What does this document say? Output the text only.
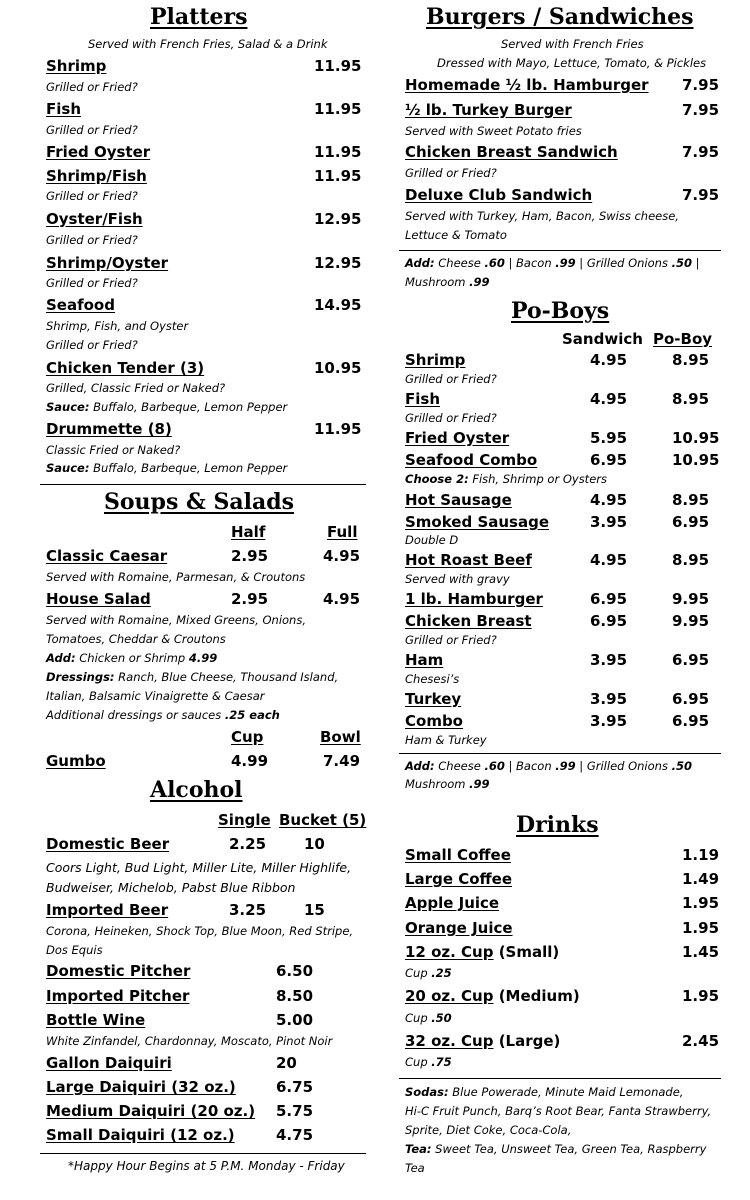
Platters
Served with French Fries, Salad & a Drink
Shrimp	11.95
Grilled or Fried?
Fish	11.95
Grilled or Fried?
Fried Oyster	11.95
Shrimp/Fish	11.95
Grilled or Fried?
Oyster/Fish	12.95
Grilled or Fried?
Shrimp/Oyster	12.95
Grilled or Fried?
Seafood	14.95
Shrimp, Fish, and Oyster
Grilled or Fried?
Chicken Tender (3)	10.95
Grilled, Classic Fried or Naked?
Sauce: Buffalo, Barbeque, Lemon Pepper
Drummette (8)	11.95
Classic Fried or Naked?
Sauce: Buffalo, Barbeque, Lemon Pepper
Soups & Salads
Half	Full
Classic Caesar	2.95	4.95
Served with Romaine, Parmesan, & Croutons
House Salad	2.95	4.95
Served with Romaine, Mixed Greens, Onions,
Tomatoes, Cheddar & Croutons
Add: Chicken or Shrimp 4.99
Dressings: Ranch, Blue Cheese, Thousand Island,
Italian, Balsamic Vinaigrette & Caesar
Additional dressings or sauces .25 each
Cup	Bowl
Gumbo	4.99	7.49
Alcohol
Single Bucket (5)
Domestic Beer	2.25	10
Coors Light, Bud Light, Miller Lite, Miller Highlife,
Budweiser, Michelob, Pabst Blue Ribbon
Imported Beer	3.25	15
Corona, Heineken, Shock Top, Blue Moon, Red Stripe,
Dos Equis
Domestic Pitcher	6.50
Imported Pitcher	8.50
Bottle Wine	5.00
White Zinfandel, Chardonnay, Moscato, Pinot Noir
Gallon Daiquiri	20
Large Daiquiri (32 oz.)	6.75
Medium Daiquiri (20 oz.) 5.75
Small Daiquiri (12 oz.)	4.75
*Happy Hour Begins at 5 P.M. Monday - Friday
Burgers / Sandwiches
Served with French Fries
Dressed with Mayo, Lettuce, Tomato, & Pickles
Homemade ½ lb. Hamburger 7.95
½ lb. Turkey Burger	7.95
Served with Sweet Potato fries
Chicken Breast Sandwich	7.95
Grilled or Fried?
Deluxe Club Sandwich	7.95
Served with Turkey, Ham, Bacon, Swiss cheese,
Lettuce & Tomato
Add: Cheese .60 | Bacon .99 | Grilled Onions .50 |
Mushroom .99
Po-Boys
Sandwich Po-Boy
Shrimp	4.95	8.95
Grilled or Fried?
Fish	4.95	8.95
Grilled or Fried?
Fried Oyster	5.95	10.95
Seafood Combo	6.95	10.95
Choose 2: Fish, Shrimp or Oysters
Hot Sausage	4.95	8.95
Smoked Sausage	3.95	6.95
Double D
Hot Roast Beef	4.95	8.95
Served with gravy
1 lb. Hamburger	6.95	9.95
Chicken Breast	6.95	9.95
Grilled or Fried?
Ham	3.95	6.95
Chesesi’s
Turkey	3.95	6.95
Combo	3.95	6.95
Ham & Turkey
Add: Cheese .60 | Bacon .99 | Grilled Onions .50
Mushroom .99
Drinks
Small Coffee	1.19
Large Coffee	1.49
Apple Juice	1.95
Orange Juice	1.95
12 oz. Cup (Small)	1.45
Cup .25
20 oz. Cup (Medium)	1.95
Cup .50
32 oz. Cup (Large)	2.45
Cup .75
Sodas: Blue Powerade, Minute Maid Lemonade,
Hi-C Fruit Punch, Barq’s Root Bear, Fanta Strawberry,
Sprite, Diet Coke, Coca-Cola,
Tea: Sweet Tea, Unsweet Tea, Green Tea, Raspberry
Tea
